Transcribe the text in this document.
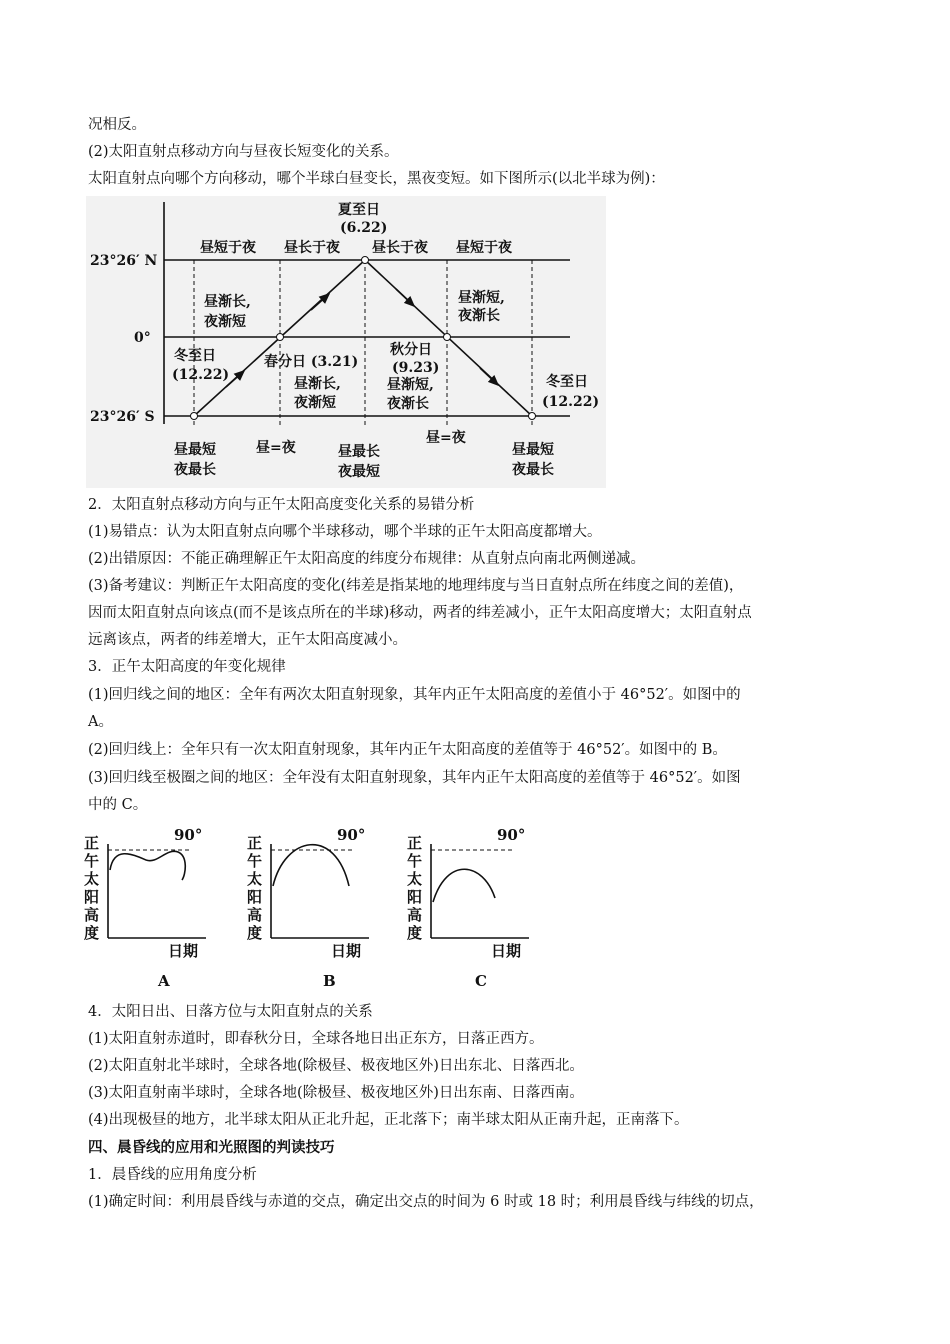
况相反。
(2)太阳直射点移动方向与昼夜长短变化的关系。
太阳直射点向哪个方向移动，哪个半球白昼变长，黑夜变短。如下图所示(以北半球为例)：
23°26′ N
0°
23°26′ S
夏至日
(6.22)
昼短于夜 昼长于夜 昼长于夜 昼短于夜
昼渐长,
夜渐短
昼渐短,
夜渐长
冬至日
(12.22)
春分日 (3.21)
秋分日
(9.23)
昼渐长,
夜渐短
昼渐短,
夜渐长
冬至日
(12.22)
昼最短
夜最长
昼=夜	昼最长
夜最短
昼=夜
昼最短
夜最长
2．太阳直射点移动方向与正午太阳高度变化关系的易错分析
(1)易错点：认为太阳直射点向哪个半球移动，哪个半球的正午太阳高度都增大。
(2)出错原因：不能正确理解正午太阳高度的纬度分布规律：从直射点向南北两侧递减。
(3)备考建议：判断正午太阳高度的变化(纬差是指某地的地理纬度与当日直射点所在纬度之间的差值)，
因而太阳直射点向该点(而不是该点所在的半球)移动，两者的纬差减小，正午太阳高度增大；太阳直射点
远离该点，两者的纬差增大，正午太阳高度减小。
3．正午太阳高度的年变化规律
(1)回归线之间的地区：全年有两次太阳直射现象，其年内正午太阳高度的差值小于 46°52′。如图中的
A。
(2)回归线上：全年只有一次太阳直射现象，其年内正午太阳高度的差值等于 46°52′。如图中的 B。
(3)回归线至极圈之间的地区：全年没有太阳直射现象，其年内正午太阳高度的差值等于 46°52′。如图
中的 C。
正
午
太
阳
高
度
90°
日期
A
正
午
太
阳
高
度
90°
日期
B
正
午
太
阳
高
度
90°
日期
C
4．太阳日出、日落方位与太阳直射点的关系
(1)太阳直射赤道时，即春秋分日，全球各地日出正东方，日落正西方。
(2)太阳直射北半球时，全球各地(除极昼、极夜地区外)日出东北、日落西北。
(3)太阳直射南半球时，全球各地(除极昼、极夜地区外)日出东南、日落西南。
(4)出现极昼的地方，北半球太阳从正北升起，正北落下；南半球太阳从正南升起，正南落下。
四、晨昏线的应用和光照图的判读技巧
1．晨昏线的应用角度分析
(1)确定时间：利用晨昏线与赤道的交点，确定出交点的时间为 6 时或 18 时；利用晨昏线与纬线的切点，
